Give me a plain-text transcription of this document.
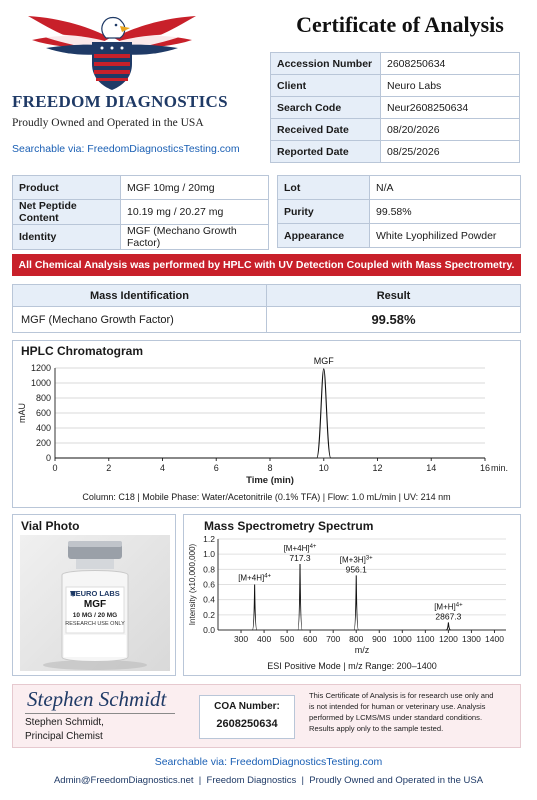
FREEDOM DIAGNOSTICS
Proudly Owned and Operated in the USA
Searchable via: FreedomDiagnosticsTesting.com
Certificate of Analysis
Accession Number	2608250634
Client	Neuro Labs
Search Code	Neur2608250634
Received Date	08/20/2026
Reported Date	08/25/2026
Product	MGF 10mg / 20mg
Net Peptide Content	10.19 mg / 20.27 mg
Identity	MGF (Mechano Growth Factor)
Lot	N/A
Purity	99.58%
Appearance	White Lyophilized Powder
All Chemical Analysis was performed by HPLC with UV Detection Coupled with Mass Spectrometry.
Mass Identification	Result
MGF (Mechano Growth Factor)	99.58%
HPLC Chromatogram
0
200
400
600
800
1000
1200
0	2	4	6	8	10	12	14	16 min.
Time (min)
mAU
MGF
Column: C18 | Mobile Phase: Water/Acetonitrile (0.1% TFA) | Flow: 1.0 mL/min | UV: 214 nm
Vial Photo
NEURO LABS
MGF
10 MG / 20 MG
RESEARCH USE ONLY
Mass Spectrometry Spectrum
0.0
0.2
0.4
0.6
0.8
1.0
1.2
300 400 500 600 700 800 900 1000 1100 1200 1300 1400
m/z
Intensity (x10,000,000)	$[M+4H]^{4+}$
$[M+4H]^{4+}$
717.3	$[M+3H]^{3+}$
956.1
$[M+H]^{4+}$
2867.3
ESI Positive Mode | m/z Range: 200–1400
Stephen Schmidt
Stephen Schmidt,
Principal Chemist
COA Number:
2608250634
This Certificate of Analysis is for research use only and
is not intended for human or veterinary use. Analysis
performed by LCMS/MS under standard conditions.
Results apply only to the sample tested.
Searchable via: FreedomDiagnosticsTesting.com
Admin@FreedomDiagnostics.net  |  Freedom Diagnostics  |  Proudly Owned and Operated in the USA
